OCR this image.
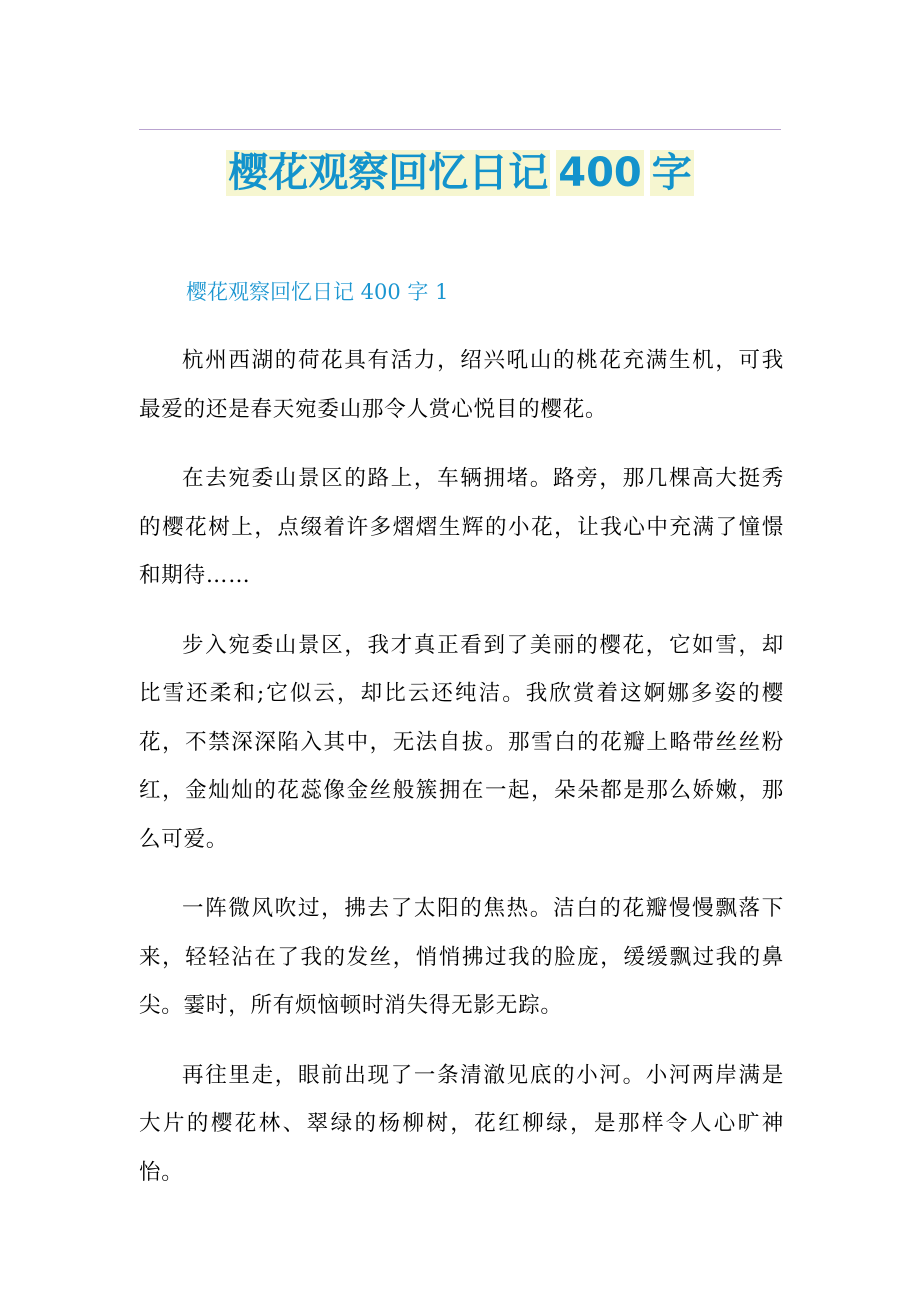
樱花观察回忆日记 400 字
樱花观察回忆日记 400 字 1

杭州西湖的荷花具有活力，绍兴吼山的桃花充满生机，可我最爱的还是春天宛委山那令人赏心悦目的樱花。

在去宛委山景区的路上，车辆拥堵。路旁，那几棵高大挺秀的樱花树上，点缀着许多熠熠生辉的小花，让我心中充满了憧憬和期待……

步入宛委山景区，我才真正看到了美丽的樱花，它如雪，却比雪还柔和;它似云，却比云还纯洁。我欣赏着这婀娜多姿的樱花，不禁深深陷入其中，无法自拔。那雪白的花瓣上略带丝丝粉红，金灿灿的花蕊像金丝般簇拥在一起，朵朵都是那么娇嫩，那么可爱。

一阵微风吹过，拂去了太阳的焦热。洁白的花瓣慢慢飘落下来，轻轻沾在了我的发丝，悄悄拂过我的脸庞，缓缓飘过我的鼻尖。霎时，所有烦恼顿时消失得无影无踪。

再往里走，眼前出现了一条清澈见底的小河。小河两岸满是大片的樱花林、翠绿的杨柳树，花红柳绿，是那样令人心旷神怡。
